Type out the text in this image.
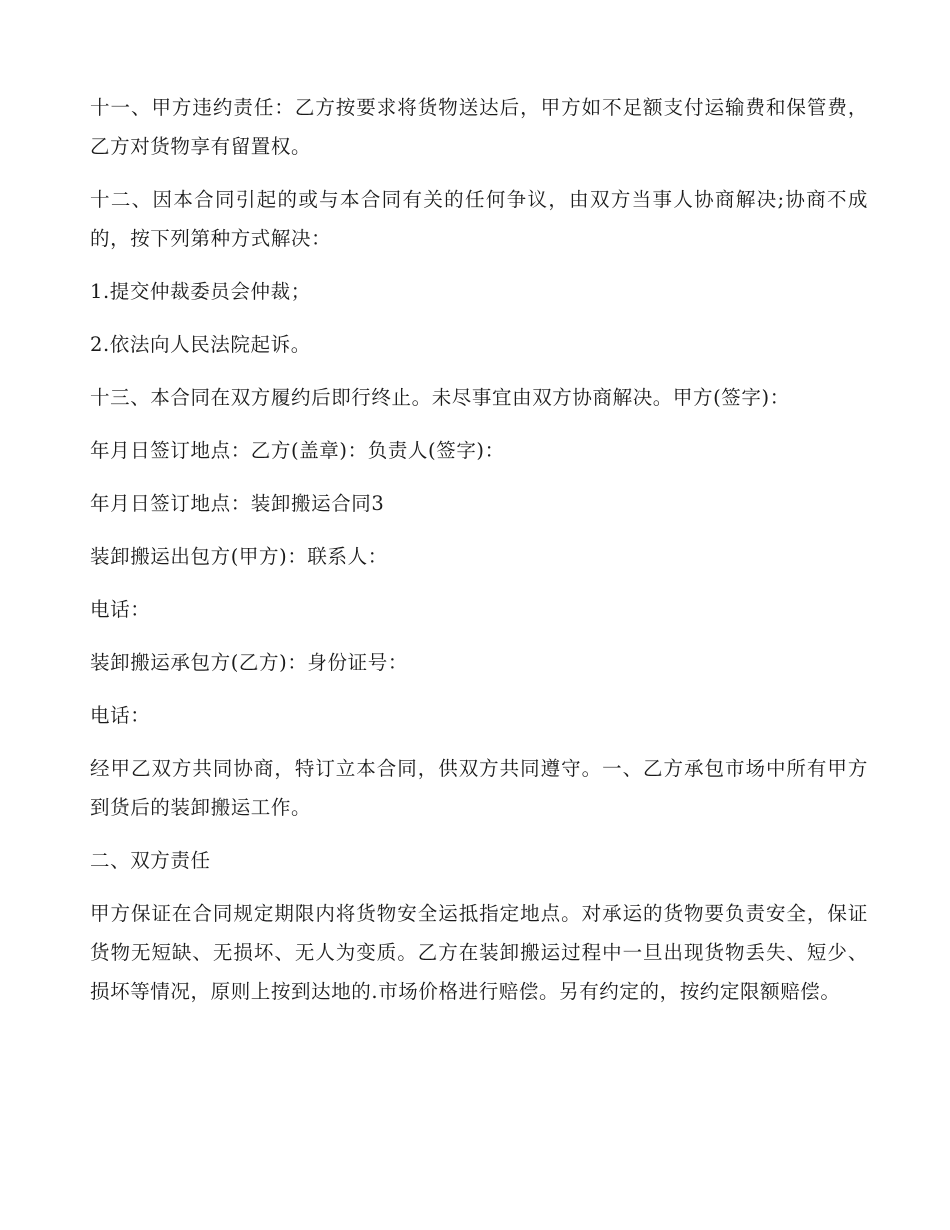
十一、甲方违约责任：乙方按要求将货物送达后，甲方如不足额支付运输费和保管费，乙方对货物享有留置权。

十二、因本合同引起的或与本合同有关的任何争议，由双方当事人协商解决;协商不成的，按下列第种方式解决：

1.提交仲裁委员会仲裁；

2.依法向人民法院起诉。

十三、本合同在双方履约后即行终止。未尽事宜由双方协商解决。甲方(签字)：

年月日签订地点：乙方(盖章)：负责人(签字)：

年月日签订地点：装卸搬运合同3

装卸搬运出包方(甲方)：联系人：

电话：

装卸搬运承包方(乙方)：身份证号：

电话：

经甲乙双方共同协商，特订立本合同，供双方共同遵守。一、乙方承包市场中所有甲方到货后的装卸搬运工作。

二、双方责任

甲方保证在合同规定期限内将货物安全运抵指定地点。对承运的货物要负责安全，保证货物无短缺、无损坏、无人为变质。乙方在装卸搬运过程中一旦出现货物丢失、短少、损坏等情况，原则上按到达地的.市场价格进行赔偿。另有约定的，按约定限额赔偿。
